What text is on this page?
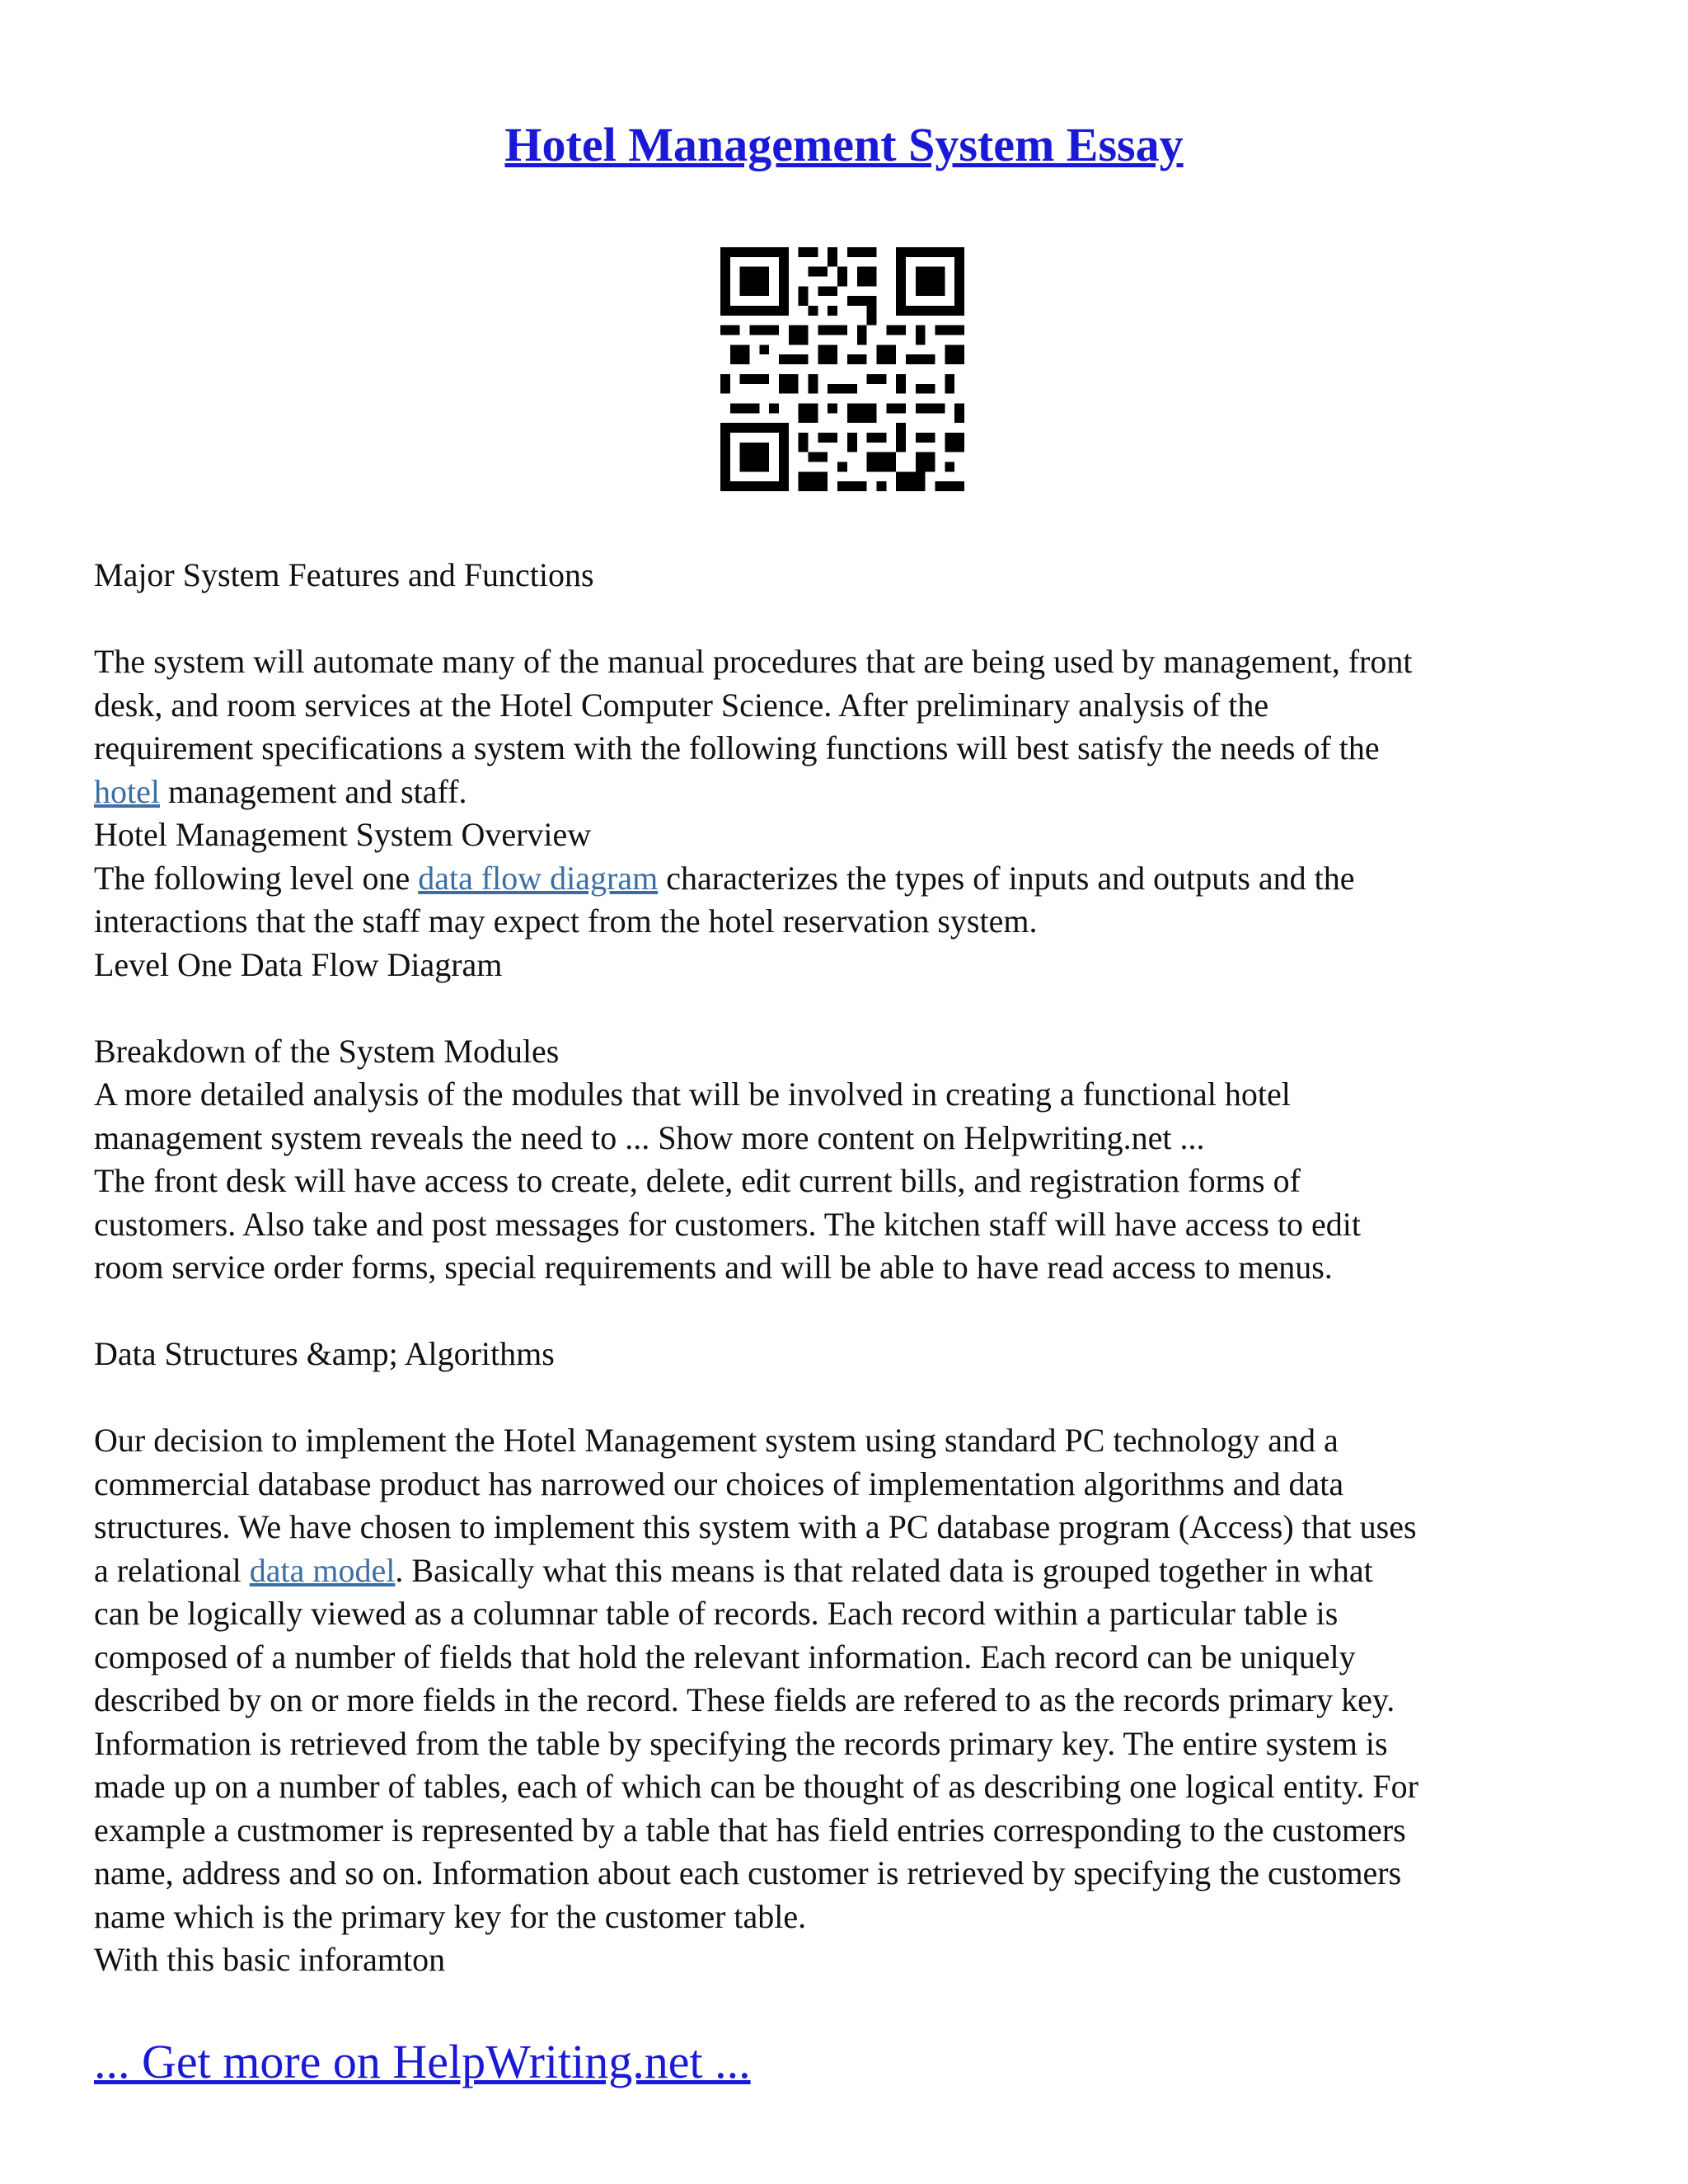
Hotel Management System Essay

Major System Features and Functions

The system will automate many of the manual procedures that are being used by management, front

desk, and room services at the Hotel Computer Science. After preliminary analysis of the

requirement specifications a system with the following functions will best satisfy the needs of the

hotel management and staff.

Hotel Management System Overview

The following level one data flow diagram characterizes the types of inputs and outputs and the

interactions that the staff may expect from the hotel reservation system.

Level One Data Flow Diagram

Breakdown of the System Modules

A more detailed analysis of the modules that will be involved in creating a functional hotel

management system reveals the need to ... Show more content on Helpwriting.net ...

The front desk will have access to create, delete, edit current bills, and registration forms of

customers. Also take and post messages for customers. The kitchen staff will have access to edit

room service order forms, special requirements and will be able to have read access to menus.

Data Structures &amp; Algorithms

Our decision to implement the Hotel Management system using standard PC technology and a

commercial database product has narrowed our choices of implementation algorithms and data

structures. We have chosen to implement this system with a PC database program (Access) that uses

a relational data model. Basically what this means is that related data is grouped together in what

can be logically viewed as a columnar table of records. Each record within a particular table is

composed of a number of fields that hold the relevant information. Each record can be uniquely

described by on or more fields in the record. These fields are refered to as the records primary key.

Information is retrieved from the table by specifying the records primary key. The entire system is

made up on a number of tables, each of which can be thought of as describing one logical entity. For

example a custmomer is represented by a table that has field entries corresponding to the customers

name, address and so on. Information about each customer is retrieved by specifying the customers

name which is the primary key for the customer table.

With this basic inforamton

... Get more on HelpWriting.net ...
